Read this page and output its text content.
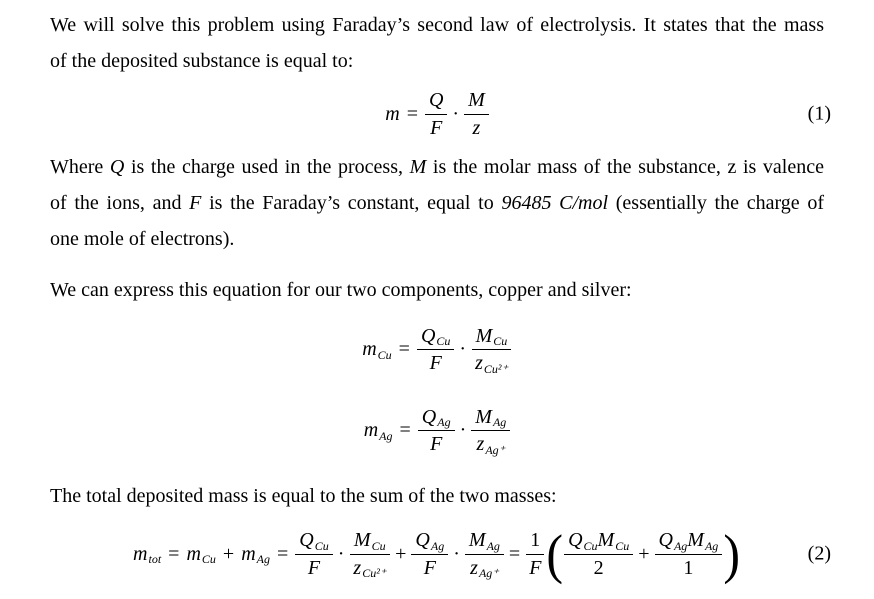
We will solve this problem using Faraday’s second law of electrolysis. It states that the mass
of the deposited substance is equal to:
$m = \frac{Q}{F} \cdot \frac{M}{z}$	(1)
Where Q is the charge used in the process, M is the molar mass of the substance, z is valence
of the ions, and F is the Faraday’s constant, equal to 96485 C/mol (essentially the charge of
one mole of electrons).
We can express this equation for our two components, copper and silver:
$m_{Cu} = \frac{Q_{Cu}}{F} \cdot \frac{M_{Cu}}{z_{Cu^{2+}}}$
$m_{Ag} = \frac{Q_{Ag}}{F} \cdot \frac{M_{Ag}}{z_{Ag^+}}$
The total deposited mass is equal to the sum of the two masses:
$m_{tot} = m_{Cu} + m_{Ag} = \frac{Q_{Cu}}{F} \cdot \frac{M_{Cu}}{z_{Cu^{2+}}} + \frac{Q_{Ag}}{F} \cdot \frac{M_{Ag}}{z_{Ag^+}} = \frac{1}{F}$ ( $\frac{Q_{Cu}M_{Cu}}{2} + \frac{Q_{Ag}M_{Ag}}{1}$ )	(2)
